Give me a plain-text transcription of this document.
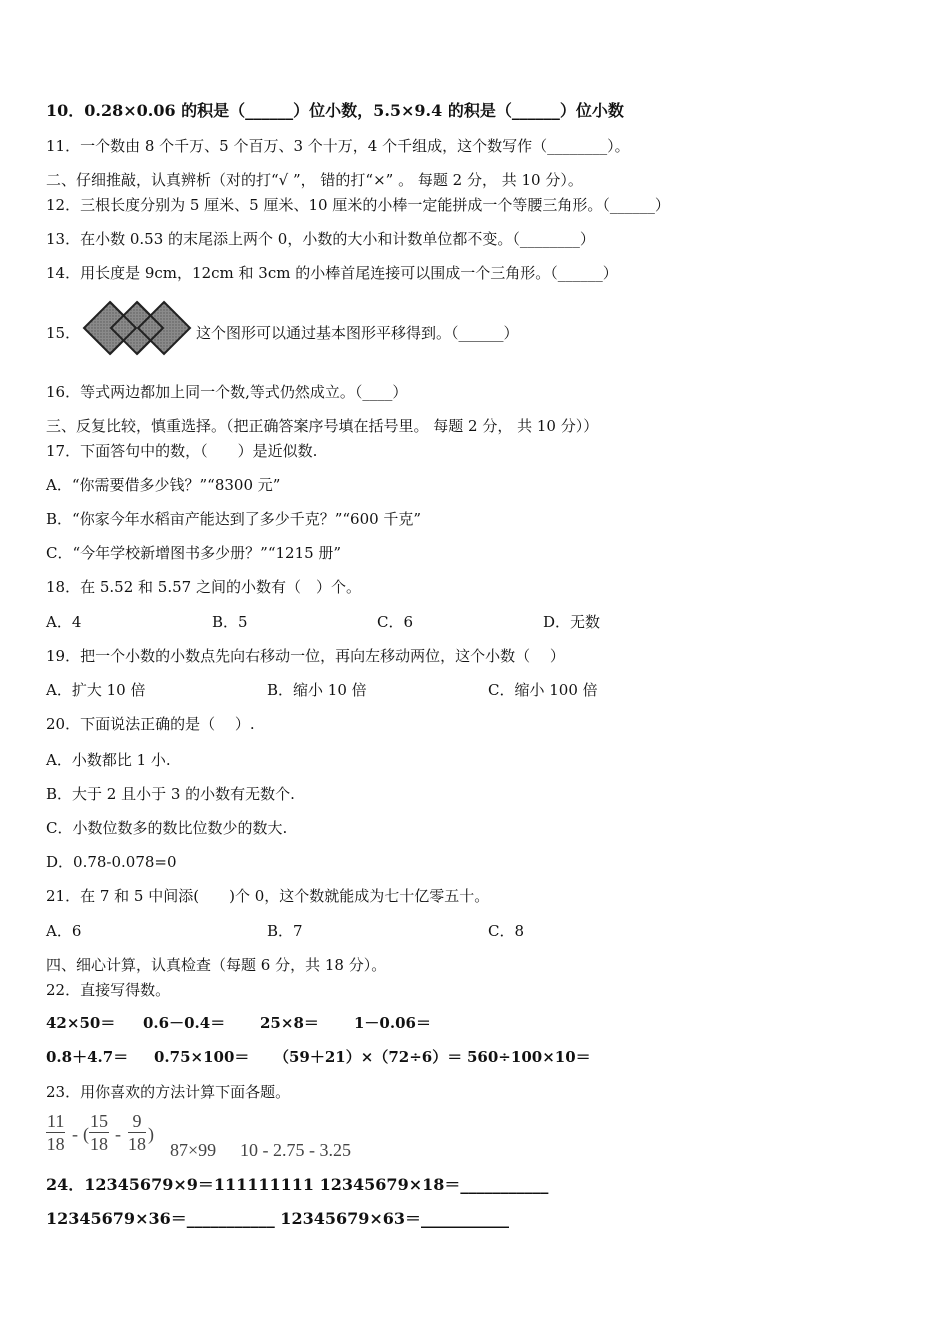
10．0.28×0.06 的积是（______）位小数，5.5×9.4 的积是（______）位小数
11．一个数由 8 个千万、5 个百万、3 个十万，4 个千组成，这个数写作（________）。
二、仔细推敲，认真辨析（对的打“√ ”， 错的打“×” 。 每题 2 分， 共 10 分）。
12．三根长度分别为 5 厘米、5 厘米、10 厘米的小棒一定能拼成一个等腰三角形。（______）
13．在小数 0.53 的末尾添上两个 0，小数的大小和计数单位都不变。（________）
14．用长度是 9cm，12cm 和 3cm 的小棒首尾连接可以围成一个三角形。（______）
15．	这个图形可以通过基本图形平移得到。（______）
16．等式两边都加上同一个数,等式仍然成立。（____）
三、反复比较，慎重选择。（把正确答案序号填在括号里。 每题 2 分， 共 10 分））
17．下面答句中的数，（　　）是近似数.
A．“你需要借多少钱？”“8300 元”
B．“你家今年水稻亩产能达到了多少千克？”“600 千克”
C．“今年学校新增图书多少册？”“1215 册”
18．在 5.52 和 5.57 之间的小数有（　）个。
A．4	B．5	C．6	D．无数
19．把一个小数的小数点先向右移动一位，再向左移动两位，这个小数（　 ）
A．扩大 10 倍	B．缩小 10 倍	C．缩小 100 倍
20．下面说法正确的是（　 ）.
A．小数都比 1 小.
B．大于 2 且小于 3 的小数有无数个.
C．小数位数多的数比位数少的数大.
D．0.78-0.078=0
21．在 7 和 5 中间添(　　)个 0，这个数就能成为七十亿零五十。
A．6	B．7	C．8
四、细心计算，认真检查（每题 6 分，共 18 分）。
22．直接写得数。
42×50＝ 0.6－0.4＝ 25×8＝ 1－0.06＝
0.8＋4.7＝ 0.75×100＝ （59＋21）×（72÷6）＝ 560÷100×10＝
23．用你喜欢的方法计算下面各题。
$\frac{11}{18}$ - ( $\frac{15}{18} - \frac{9}{18}$ )
87×99 10 - 2.75 - 3.25
24．12345679×9＝111111111 12345679×18＝___________
12345679×36＝___________ 12345679×63＝___________
